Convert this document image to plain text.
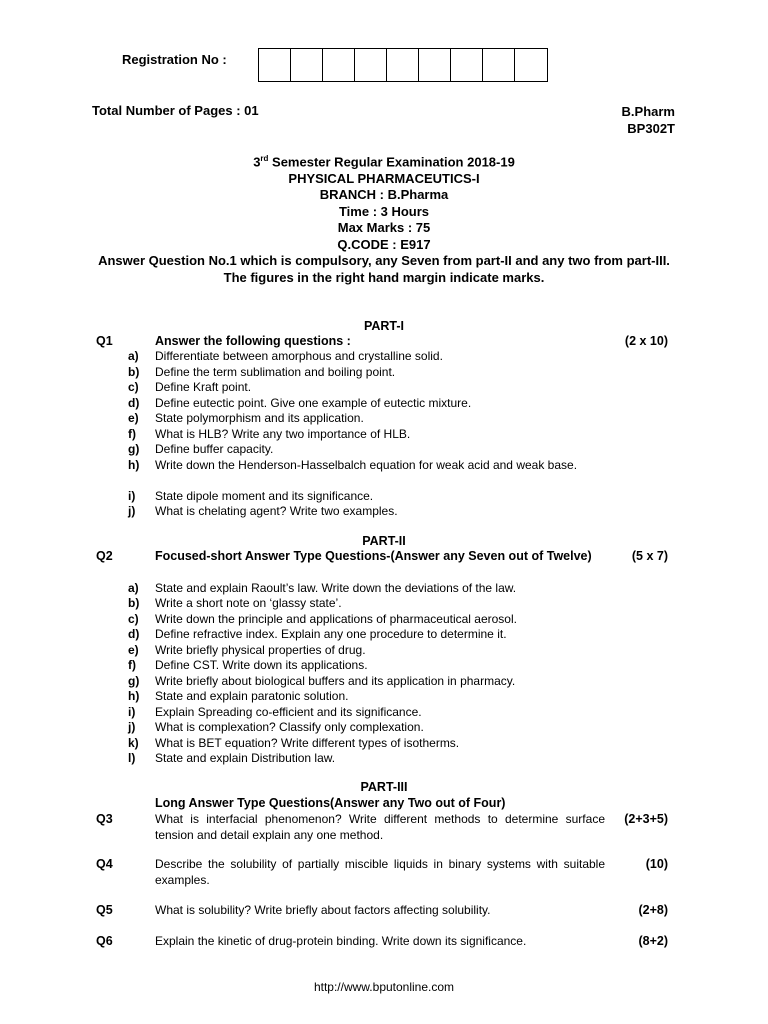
Registration No :
Total Number of Pages : 01	B.Pharm
BP302T
3rd Semester Regular Examination 2018-19
PHYSICAL PHARMACEUTICS-I
BRANCH : B.Pharma
Time : 3 Hours
Max Marks : 75
Q.CODE : E917
Answer Question No.1 which is compulsory, any Seven from part-II and any two from part-III.
The figures in the right hand margin indicate marks.
PART-I
Q1	Answer the following questions :	(2 x 10)
a)	Differentiate between amorphous and crystalline solid.
b)	Define the term sublimation and boiling point.
c)	Define Kraft point.
d)	Define eutectic point. Give one example of eutectic mixture.
e)	State polymorphism and its application.
f)	What is HLB? Write any two importance of HLB.
g)	Define buffer capacity.
h)	Write down the Henderson-Hasselbalch equation for weak acid and weak base.
i)	State dipole moment and its significance.
j)	What is chelating agent? Write two examples.
PART-II
Q2	Focused-short Answer Type Questions-(Answer any Seven out of Twelve)	(5 x 7)
a)	State and explain Raoult’s law. Write down the deviations of the law.
b)	Write a short note on ‘glassy state’.
c)	Write down the principle and applications of pharmaceutical aerosol.
d)	Define refractive index. Explain any one procedure to determine it.
e)	Write briefly physical properties of drug.
f)	Define CST. Write down its applications.
g)	Write briefly about biological buffers and its application in pharmacy.
h)	State and explain paratonic solution.
i)	Explain Spreading co-efficient and its significance.
j)	What is complexation? Classify only complexation.
k)	What is BET equation? Write different types of isotherms.
l)	State and explain Distribution law.
PART-III
Long Answer Type Questions(Answer any Two out of Four)
Q3	What is interfacial phenomenon? Write different methods to determine surface tension and detail explain any one method.
(2+3+5)
Q4	Describe the solubility of partially miscible liquids in binary systems with suitable examples.
(10)
Q5	What is solubility? Write briefly about factors affecting solubility.	(2+8)
Q6	Explain the kinetic of drug-protein binding. Write down its significance.	(8+2)
http://www.bputonline.com
